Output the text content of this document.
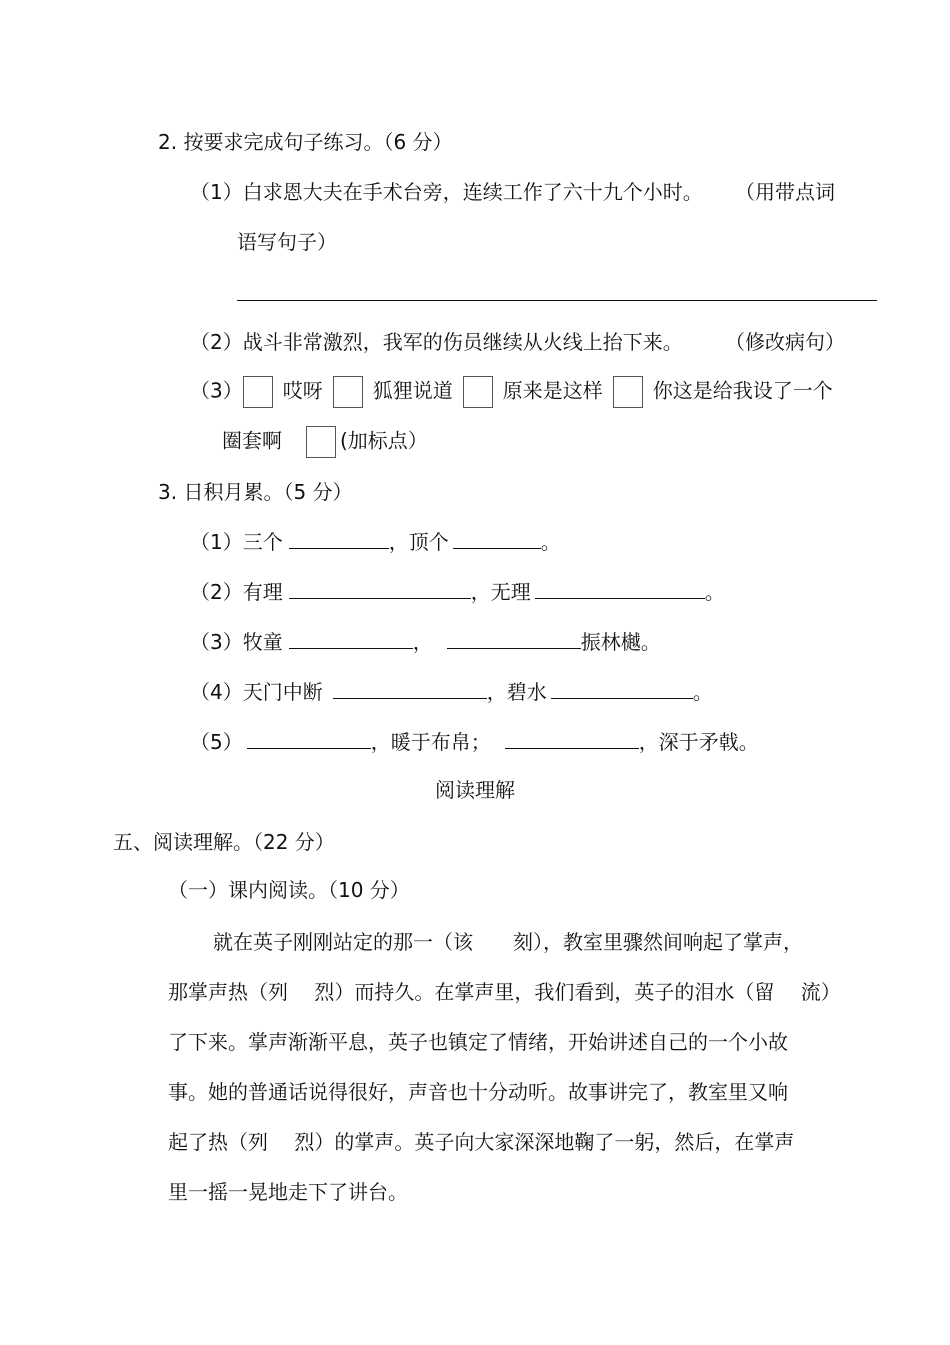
2. 按要求完成句子练习。（6 分）
（1）白求恩大夫在手术台旁，连续工作了六十九个小时。 （用带点词
语写句子）
（2）战斗非常激烈，我军的伤员继续从火线上抬下来。 （修改病句）
（3） 哎呀	狐狸说道	原来是这样	你这是给我设了一个
圈套啊	(加标点）
3. 日积月累。（5 分）
（1）三个	，顶个	。
（2）有理	，无理	。
（3）牧童	，	振林樾。
（4）天门中断	，碧水	。
（5）	，暖于布帛；	，深于矛戟。
阅读理解
五、阅读理解。（22 分）
（一）课内阅读。（10 分）
就在英子刚刚站定的那一（该　　刻），教室里骤然间响起了掌声，
那掌声热（列　 烈）而持久。在掌声里，我们看到，英子的泪水（留　 流）
了下来。掌声渐渐平息，英子也镇定了情绪，开始讲述自己的一个小故
事。她的普通话说得很好，声音也十分动听。故事讲完了，教室里又响
起了热（列　 烈）的掌声。英子向大家深深地鞠了一躬，然后，在掌声
里一摇一晃地走下了讲台。
